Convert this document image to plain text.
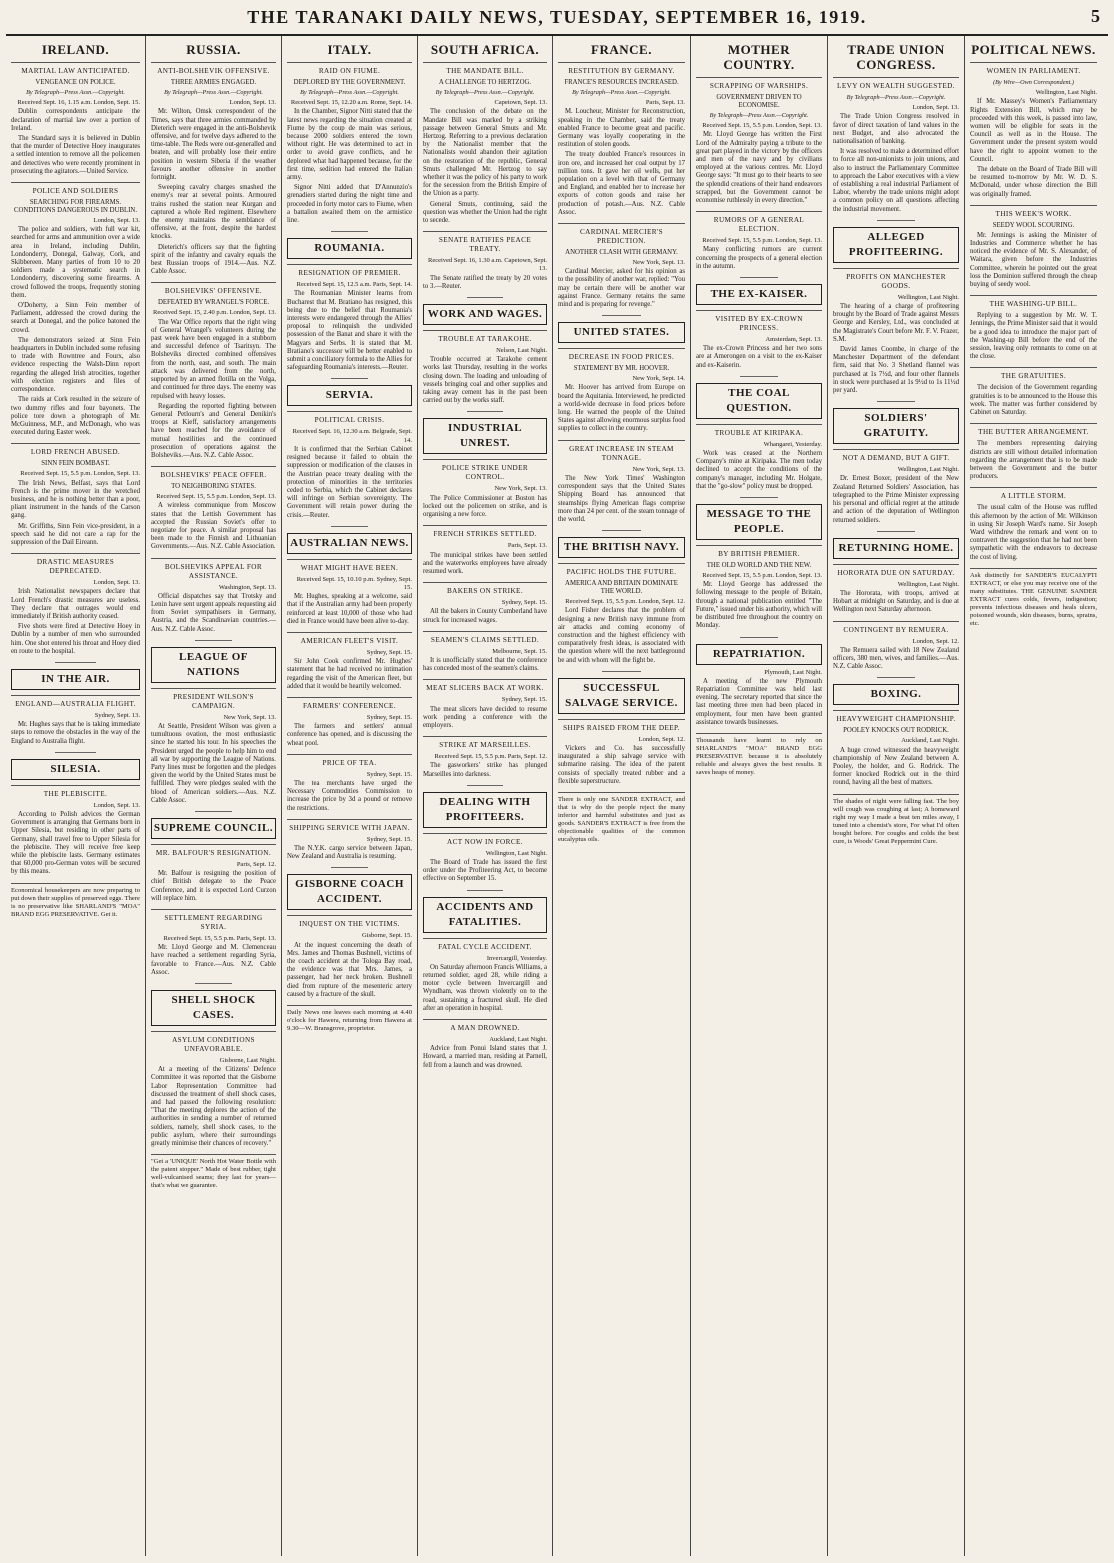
THE TARANAKI DAILY NEWS, TUESDAY, SEPTEMBER 16, 1919.	5
IRELAND.
MARTIAL LAW ANTICIPATED.
VENGEANCE ON POLICE.
By Telegraph—Press Assn.—Copyright.
Received Sept. 16, 1.15 a.m. London, Sept. 15.

Dublin correspondents anticipate the declaration of martial law over a portion of Ireland.

The Standard says it is believed in Dublin that the murder of Detective Hoey inaugurates a settled intention to remove all the policemen and detectives who were recently prominent in prosecuting the agitators.—United Service.

POLICE AND SOLDIERS
SEARCHING FOR FIREARMS. CONDITIONS DANGEROUS IN DUBLIN.
London, Sept. 13.

The police and soldiers, with full war kit, searched for arms and ammunition over a wide area in Ireland, including Dublin, Londonderry, Donegal, Galway, Cork, and Skibbereen. Many parties of from 10 to 20 soldiers made a systematic search in Londonderry, discovering some firearms. A crowd followed the troops, frequently stoning them.

O'Doherty, a Sinn Fein member of Parliament, addressed the crowd during the search at Donegal, and the police batoned the crowd.

The demonstrators seized at Sinn Fein headquarters in Dublin included some refusing to trade with Rowntree and Fourx, also evidence respecting the Walsh-Dinn report regarding the alleged Irish atrocities, together with election registers and files of correspondence.

The raids at Cork resulted in the seizure of two dummy rifles and four bayonets. The police tore down a photograph of Mr. McGuinness, M.P., and McDonagh, who was executed during Easter week.

LORD FRENCH ABUSED.
SINN FEIN BOMBAST.
Received Sept. 15, 5.5 p.m. London, Sept. 13.

The Irish News, Belfast, says that Lord French is the prime mover in the wretched business, and he is nothing better than a poor, pliant instrument in the hands of the Carson gang.

Mr. Griffiths, Sinn Fein vice-president, in a speech said he did not care a rap for the suppression of the Dail Eireann.

DRASTIC MEASURES DEPRECATED.
London, Sept. 13.

Irish Nationalist newspapers declare that Lord French's drastic measures are useless. They declare that outrages would end immediately if British authority ceased.

Five shots were fired at Detective Hoey in Dublin by a number of men who surrounded him. One shot entered his throat and Hoey died en route to the hospital.

IN THE AIR.
ENGLAND—AUSTRALIA FLIGHT.
Sydney, Sept. 13.

Mr. Hughes says that he is taking immediate steps to remove the obstacles in the way of the England to Australia flight.

SILESIA.
THE PLEBISCITE.
London, Sept. 13.

According to Polish advices the German Government is arranging that Germans born in Upper Silesia, but residing in other parts of Germany, shall travel free to Upper Silesia for the plebiscite. They will receive free keep while the plebiscite lasts. Germany estimates that 60,000 pro-German votes will be secured by this means.

Economical housekeepers are now preparing to put down their supplies of preserved eggs. There is no preservative like SHARLAND'S "MOA" BRAND EGG PRESERVATIVE. Get it.
RUSSIA.
ANTI-BOLSHEVIK OFFENSIVE.
THREE ARMIES ENGAGED.
By Telegraph—Press Assn.—Copyright.
London, Sept. 13.

Mr. Wilton, Omsk correspondent of the Times, says that three armies commanded by Dieterich were engaged in the anti-Bolshevik offensive, and for twelve days adhered to the time-table. The Reds were out-generalled and beaten, and will probably lose their entire position in western Siberia if the weather favours another offensive in another fortnight.

Sweeping cavalry charges smashed the enemy's rear at several points. Armoured trains rushed the station near Kurgan and captured a whole Red regiment. Elsewhere the enemy maintains the semblance of offensive, at the front, despite the hardest knocks.

Dieterich's officers say that the fighting spirit of the infantry and cavalry equals the best Russian troops of 1914.—Aus. N.Z. Cable Assoc.

BOLSHEVIKS' OFFENSIVE.
DEFEATED BY WRANGEL'S FORCE.
Received Sept. 15, 2.40 p.m. London, Sept. 13.

The War Office reports that the right wing of General Wrangel's volunteers during the past week have been engaged in a stubborn and successful defence of Tsaritsyn. The Bolsheviks directed combined offensives from the north, east, and south. The main attack was delivered from the north, supported by an armed flotilla on the Volga, and continued for three days. The enemy was repulsed with heavy losses.

Regarding the reported fighting between General Petlourn's and General Denikin's troops at Kieff, satisfactory arrangements have been reached for the avoidance of mutual hostilities and the continued prosecution of operations against the Bolsheviks.—Aus. N.Z. Cable Assoc.

BOLSHEVIKS' PEACE OFFER.
TO NEIGHBORING STATES.
Received Sept. 15, 5.5 p.m. London, Sept. 13.

A wireless communique from Moscow states that the Lettish Government has accepted the Russian Soviet's offer to negotiate for peace. A similar proposal has been made to the Finnish and Lithuanian Governments.—Aus. N.Z. Cable Association.

BOLSHEVIKS APPEAL FOR ASSISTANCE.
Washington, Sept. 13.

Official dispatches say that Trotsky and Lenin have sent urgent appeals requesting aid from Soviet sympathisers in Germany, Austria, and the Scandinavian countries.—Aus. N.Z. Cable Assoc.

LEAGUE OF NATIONS
PRESIDENT WILSON'S CAMPAIGN.
New York, Sept. 13.

At Seattle, President Wilson was given a tumultuous ovation, the most enthusiastic since he started his tour. In his speeches the President urged the people to help him to end all war by supporting the League of Nations. Party lines must be forgotten and the pledges given the world by the United States must be fulfilled. They were pledges sealed with the blood of American soldiers.—Aus. N.Z. Cable Assoc.

SUPREME COUNCIL.
MR. BALFOUR'S RESIGNATION.
Paris, Sept. 12.

Mr. Balfour is resigning the position of chief British delegate to the Peace Conference, and it is expected Lord Curzon will replace him.

SETTLEMENT REGARDING SYRIA.
Received Sept. 15, 5.5 p.m. Paris, Sept. 13.

Mr. Lloyd George and M. Clemenceau have reached a settlement regarding Syria, favorable to France.—Aus. N.Z. Cable Assoc.

SHELL SHOCK CASES.
ASYLUM CONDITIONS UNFAVORABLE.
Gisborne, Last Night.

At a meeting of the Citizens' Defence Committee it was reported that the Gisborne Labor Representation Committee had discussed the treatment of shell shock cases, and had passed the following resolution: "That the meeting deplores the action of the authorities in sending a number of returned soldiers, namely, shell shock cases, to the public asylum, where their surroundings greatly minimise their chances of recovery."

"Get a 'UNIQUE' North Hot Water Bottle with the patent stopper." Made of best rubber, tight well-vulcanised seams; they last for years—that's what we guarantee.
ITALY.
RAID ON FIUME.
DEPLORED BY THE GOVERNMENT.
By Telegraph—Press Assn.—Copyright.
Received Sept. 15, 12.20 a.m. Rome, Sept. 14.

In the Chamber, Signor Nitti stated that the latest news regarding the situation created at Fiume by the coup de main was serious, because 2000 soldiers entered the town without right. He was determined to act in order to avoid grave conflicts, and he deplored what had happened because, for the first time, sedition had entered the Italian army.

Signor Nitti added that D'Annunzio's grenadiers started during the night time and proceeded in forty motor cars to Fiume, when a battalion awaited them on the armistice line.

ROUMANIA.
RESIGNATION OF PREMIER.
Received Sept. 15, 12.5 a.m. Paris, Sept. 14.

The Roumanian Minister learns from Bucharest that M. Bratiano has resigned, this being due to the belief that Roumania's interests were endangered through the Allies' proposal to relinquish the undivided possession of the Banat and share it with the Magyars and Serbs. It is stated that M. Bratiano's successor will be better enabled to submit a conciliatory formula to the Allies for safeguarding Roumania's interests.—Reuter.

SERVIA.
POLITICAL CRISIS.
Received Sept. 16, 12.30 a.m. Belgrade, Sept. 14.

It is confirmed that the Serbian Cabinet resigned because it failed to obtain the suppression or modification of the clauses in the Austrian peace treaty dealing with the protection of minorities in the territories ceded to Serbia, which the Cabinet declares will infringe on Serbian sovereignty. The Government will retain power during the crisis.—Reuter.

AUSTRALIAN NEWS.
WHAT MIGHT HAVE BEEN.
Received Sept. 15, 10.10 p.m. Sydney, Sept. 15.

Mr. Hughes, speaking at a welcome, said that if the Australian army had been properly reinforced at least 10,000 of those who had died in France would have been alive to-day.

AMERICAN FLEET'S VISIT.
Sydney, Sept. 15.

Sir John Cook confirmed Mr. Hughes' statement that he had received no intimation regarding the visit of the American fleet, but added that it would be heartily welcomed.

FARMERS' CONFERENCE.
Sydney, Sept. 15.

The farmers and settlers' annual conference has opened, and is discussing the wheat pool.

PRICE OF TEA.
Sydney, Sept. 15.

The tea merchants have urged the Necessary Commodities Commission to increase the price by 3d a pound or remove the restrictions.

SHIPPING SERVICE WITH JAPAN.
Sydney, Sept. 15.

The N.Y.K. cargo service between Japan, New Zealand and Australia is resuming.

GISBORNE COACH ACCIDENT.
INQUEST ON THE VICTIMS.
Gisborne, Sept. 15.

At the inquest concerning the death of Mrs. James and Thomas Bushnell, victims of the coach accident at the Tologa Bay road, the evidence was that Mrs. James, a passenger, had her neck broken. Bushnell died from rupture of the mesenteric artery caused by a fracture of the skull.

Daily News one leaves each morning at 4.40 o'clock for Hawera, returning from Hawera at 9.30—W. Bransgrove, proprietor.
SOUTH AFRICA.
THE MANDATE BILL.
A CHALLENGE TO HERTZOG.
By Telegraph—Press Assn.—Copyright.
Capetown, Sept. 13.

The conclusion of the debate on the Mandate Bill was marked by a striking passage between General Smuts and Mr. Hertzog. Referring to a previous declaration by the Nationalist member that the Nationalists would abandon their agitation on the restoration of the republic, General Smuts challenged Mr. Hertzog to say whether it was the policy of his party to work for the secession from the British Empire of the Union as a party.

General Smuts, continuing, said the question was whether the Union had the right to secede.

SENATE RATIFIES PEACE TREATY.
Received Sept. 16, 1.30 a.m. Capetown, Sept. 13.

The Senate ratified the treaty by 20 votes to 3.—Reuter.

WORK AND WAGES.
TROUBLE AT TARAKOHE.
Nelson, Last Night.

Trouble occurred at Tarakohe cement works last Thursday, resulting in the works closing down. The loading and unloading of vessels bringing coal and other supplies and taking away cement has in the past been carried out by the works staff.

INDUSTRIAL UNREST.
POLICE STRIKE UNDER CONTROL.
New York, Sept. 13.

The Police Commissioner at Boston has locked out the policemen on strike, and is organising a new force.

FRENCH STRIKES SETTLED.
Paris, Sept. 13.

The municipal strikes have been settled and the waterworks employees have already resumed work.

BAKERS ON STRIKE.
Sydney, Sept. 15.

All the bakers in County Cumberland have struck for increased wages.

SEAMEN'S CLAIMS SETTLED.
Melbourne, Sept. 15.

It is unofficially stated that the conference has conceded most of the seamen's claims.

MEAT SLICERS BACK AT WORK.
Sydney, Sept. 15.

The meat slicers have decided to resume work pending a conference with the employers.

STRIKE AT MARSEILLES.
Received Sept. 15, 5.5 p.m. Paris, Sept. 12.

The gasworkers' strike has plunged Marseilles into darkness.

DEALING WITH PROFITEERS.
ACT NOW IN FORCE.
Wellington, Last Night.

The Board of Trade has issued the first order under the Profiteering Act, to become effective on September 15.

ACCIDENTS AND FATALITIES.
FATAL CYCLE ACCIDENT.
Invercargill, Yesterday.

On Saturday afternoon Francis Williams, a returned soldier, aged 28, while riding a motor cycle between Invercargill and Wyndham, was thrown violently on to the road, sustaining a fractured skull. He died after an operation in hospital.

A MAN DROWNED.
Auckland, Last Night.

Advice from Ponui Island states that J. Howard, a married man, residing at Parnell, fell from a launch and was drowned.

FRANCE.
RESTITUTION BY GERMANY.
FRANCE'S RESOURCES INCREASED.
By Telegraph—Press Assn.—Copyright.
Paris, Sept. 13.

M. Loucheur, Minister for Reconstruction, speaking in the Chamber, said the treaty enabled France to become great and pacific. Germany was loyally cooperating in the restitution of stolen goods.

The treaty doubled France's resources in iron ore, and increased her coal output by 17 million tons. It gave her oil wells, put her population on a level with that of Germany and England, and enabled her to increase her exports of cotton goods and raise her production of potash.—Aus. N.Z. Cable Assoc.

CARDINAL MERCIER'S PREDICTION.
ANOTHER CLASH WITH GERMANY.
New York, Sept. 13.

Cardinal Mercier, asked for his opinion as to the possibility of another war, replied: "You may be certain there will be another war against France. Germany retains the same mind and is preparing for revenge."

UNITED STATES.
DECREASE IN FOOD PRICES.
STATEMENT BY MR. HOOVER.
New York, Sept. 14.

Mr. Hoover has arrived from Europe on board the Aquitania. Interviewed, he predicted a world-wide decrease in food prices before long. He warned the people of the United States against allowing enormous surplus food supplies to collect in the country.

GREAT INCREASE IN STEAM TONNAGE.
New York, Sept. 13.

The New York Times' Washington correspondent says that the United States Shipping Board has announced that steamships flying American flags comprise more than 24 per cent. of the steam tonnage of the world.

THE BRITISH NAVY.
PACIFIC HOLDS THE FUTURE.
AMERICA AND BRITAIN DOMINATE THE WORLD.
Received Sept. 15, 5.5 p.m. London, Sept. 12.

Lord Fisher declares that the problem of designing a new British navy immune from air attacks and coming economy of construction and the highest efficiency with comparatively fresh ideas, is associated with the question where will the next battleground be and with whom will the fight be.

SUCCESSFUL SALVAGE SERVICE.
SHIPS RAISED FROM THE DEEP.
London, Sept. 12.

Vickers and Co. has successfully inaugurated a ship salvage service with submarine raising. The idea of the patent consists of specially treated rubber and a flexible superstructure.

There is only one SANDER EXTRACT, and that is why do the people reject the many inferior and harmful substitutes and just as goods. SANDER'S EXTRACT is free from the objectionable qualities of the common eucalyptus oils.
MOTHER COUNTRY.
SCRAPPING OF WARSHIPS.
GOVERNMENT DRIVEN TO ECONOMISE.
By Telegraph—Press Assn.—Copyright.
Received Sept. 15, 5.5 p.m. London, Sept. 13.

Mr. Lloyd George has written the First Lord of the Admiralty paying a tribute to the great part played in the victory by the officers and men of the navy and by civilians employed at the various centres. Mr. Lloyd George says: "It must go to their hearts to see the splendid creations of their hand endeavors scrapped, but the Government cannot be economise ruthlessly in every direction."

RUMORS OF A GENERAL ELECTION.
Received Sept. 15, 5.5 p.m. London, Sept. 13.

Many conflicting rumors are current concerning the prospects of a general election in the autumn.

THE EX-KAISER.
VISITED BY EX-CROWN PRINCESS.
Amsterdam, Sept. 13.

The ex-Crown Princess and her two sons are at Amerongen on a visit to the ex-Kaiser and ex-Kaiserin.

THE COAL QUESTION.
TROUBLE AT KIRIPAKA.
Whangarei, Yesterday.

Work was ceased at the Northern Company's mine at Kiripaka. The men today declined to accept the conditions of the company's manager, including Mr. Holgate, that the "go-slow" policy must be dropped.

MESSAGE TO THE PEOPLE.
BY BRITISH PREMIER.
THE OLD WORLD AND THE NEW.
Received Sept. 15, 5.5 p.m. London, Sept. 13.

Mr. Lloyd George has addressed the following message to the people of Britain, through a national publication entitled "The Future," issued under his authority, which will be distributed free throughout the country on Monday.

REPATRIATION.
Plymouth, Last Night.

A meeting of the new Plymouth Repatriation Committee was held last evening. The secretary reported that since the last meeting three men had been placed in employment, four men have been granted assistance towards businesses.

Thousands have learnt to rely on SHARLAND'S "MOA" BRAND EGG PRESERVATIVE because it is absolutely reliable and always gives the best results. It saves heaps of money.
TRADE UNION CONGRESS.
LEVY ON WEALTH SUGGESTED.
By Telegraph—Press Assn.—Copyright.
London, Sept. 13.

The Trade Union Congress resolved in favor of direct taxation of land values in the next Budget, and also advocated the nationalisation of banking.

It was resolved to make a determined effort to force all non-unionists to join unions, and also to instruct the Parliamentary Committee to approach the Labor executives with a view of establishing a real industrial Parliament of Labor, whereby the trade unions might adopt a common policy on all questions affecting the industrial movement.

ALLEGED PROFITEERING.
PROFITS ON MANCHESTER GOODS.
Wellington, Last Night.

The hearing of a charge of profiteering brought by the Board of Trade against Messrs George and Kersley, Ltd., was concluded at the Magistrate's Court before Mr. F. V. Frazer, S.M.

David James Coombe, in charge of the Manchester Department of the defendant firm, said that No. 3 Shetland flannel was purchased at 1s 7½d, and four other flannels in stock were purchased at 1s 9½d to 1s 11½d per yard.

SOLDIERS' GRATUITY.
NOT A DEMAND, BUT A GIFT.
Wellington, Last Night.

Dr. Ernest Boxer, president of the New Zealand Returned Soldiers' Association, has telegraphed to the Prime Minister expressing his personal and official regret at the attitude and action of the deputation of Wellington returned soldiers.

RETURNING HOME.
HORORATA DUE ON SATURDAY.
Wellington, Last Night.

The Hororata, with troops, arrived at Hobart at midnight on Saturday, and is due at Wellington next Saturday afternoon.

CONTINGENT BY REMUERA.
London, Sept. 12.

The Remuera sailed with 18 New Zealand officers, 380 men, wives, and families.—Aus. N.Z. Cable Assoc.

BOXING.
HEAVYWEIGHT CHAMPIONSHIP.
POOLEY KNOCKS OUT RODRICK.
Auckland, Last Night.

A huge crowd witnessed the heavyweight championship of New Zealand between A. Pooley, the holder, and G. Rodrick. The former knocked Rodrick out in the third round, having all the best of matters.

The shades of night were falling fast. The boy will cough was coughing at last; A homeward right my way I made a beat ten miles away, I tuned into a chemist's store, For what I'd often bought before. For coughs and colds the best cure, is Woods' Great Peppermint Cure.
POLITICAL NEWS.
WOMEN IN PARLIAMENT.
(By Wire—Own Correspondent.)
Wellington, Last Night.

If Mr. Massey's Women's Parliamentary Rights Extension Bill, which may be proceeded with this week, is passed into law, women will be eligible for seats in the Council as well as in the House. The Government under the present system would have the right to appoint women to the Council.

The debate on the Board of Trade Bill will be resumed to-morrow by Mr. W. D. S. McDonald, under whose direction the Bill was originally framed.

THIS WEEK'S WORK.
SEEDY WOOL SCOURING.

Mr. Jennings is asking the Minister of Industries and Commerce whether he has noticed the evidence of Mr. S. Alexander, of Waitara, given before the Industries Committee, wherein he pointed out the great loss the Dominion suffered through the cheap buying of seedy wool.

THE WASHING-UP BILL.

Replying to a suggestion by Mr. W. T. Jennings, the Prime Minister said that it would be a good idea to introduce the major part of the Washing-up Bill before the end of the session, leaving only remnants to come on at the close.

THE GRATUITIES.

The decision of the Government regarding gratuities is to be announced to the House this week. The matter was further considered by Cabinet on Saturday.

THE BUTTER ARRANGEMENT.

The members representing dairying districts are still without detailed information regarding the arrangement that is to be made between the Government and the butter producers.

A LITTLE STORM.

The usual calm of the House was ruffled this afternoon by the action of Mr. Wilkinson in using Sir Joseph Ward's name. Sir Joseph Ward withdrew the remark and went on to contravert the suggestion that he had not been sympathetic with the endeavors to decrease the cost of living.

Ask distinctly for SANDER'S EUCALYPTI EXTRACT, or else you may receive one of the many substitutes. THE GENUINE SANDER EXTRACT cures colds, fevers, indigestion; prevents infectious diseases and heals ulcers, poisoned wounds, skin diseases, burns, sprains, etc.
